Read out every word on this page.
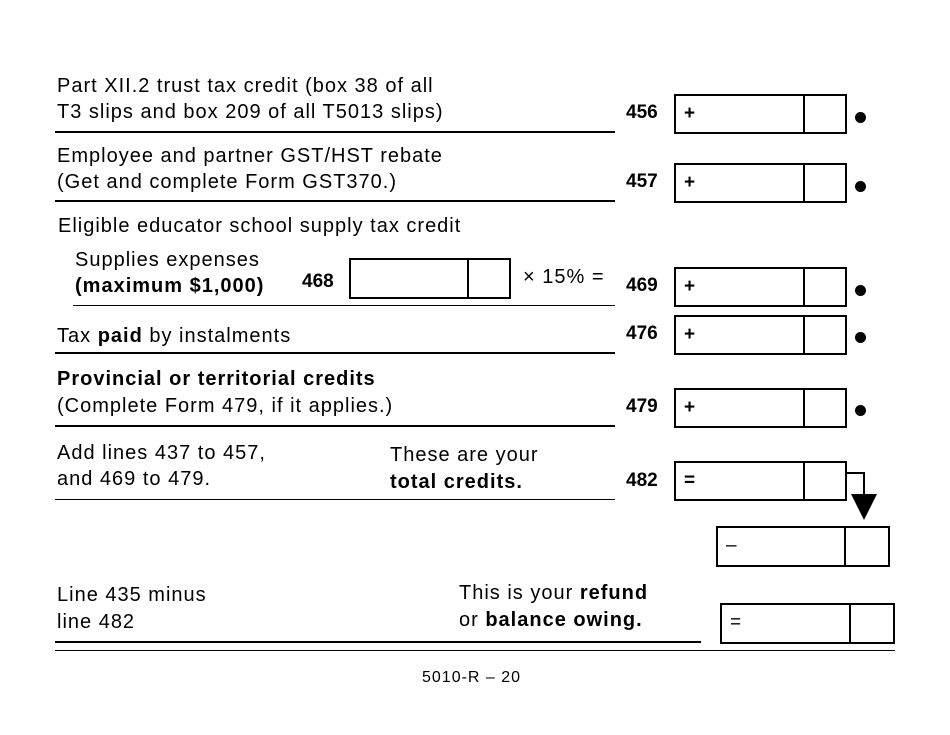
Part XII.2 trust tax credit (box 38 of all
T3 slips and box 209 of all T5013 slips)	456	+
Employee and partner GST/HST rebate
(Get and complete Form GST370.)	457	+
Eligible educator school supply tax credit
Supplies expenses
(maximum $1,000) 468	× 15% = 469	+
Tax paid by instalments	476	+
Provincial or territorial credits
(Complete Form 479, if it applies.)	479	+
Add lines 437 to 457,
and 469 to 479.
These are your
total credits.	482	=
–
Line 435 minus
line 482
This is your refund
or balance owing.	=
5010-R – 20
